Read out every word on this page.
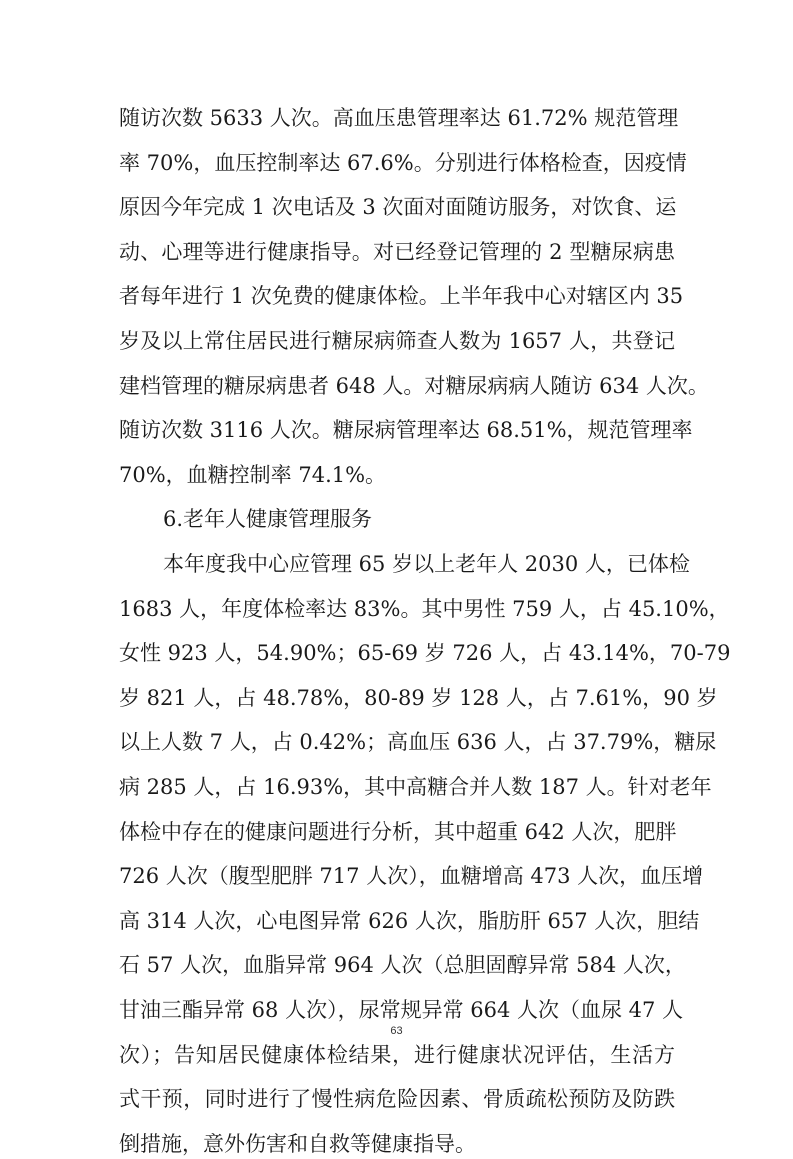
随访次数 5633 人次。高血压患管理率达 61.72% 规范管理
率 70%，血压控制率达 67.6%。分别进行体格检查，因疫情
原因今年完成 1 次电话及 3 次面对面随访服务，对饮食、运
动、心理等进行健康指导。对已经登记管理的 2 型糖尿病患
者每年进行 1 次免费的健康体检。上半年我中心对辖区内 35
岁及以上常住居民进行糖尿病筛查人数为 1657 人，共登记
建档管理的糖尿病患者 648 人。对糖尿病病人随访 634 人次。
随访次数 3116 人次。糖尿病管理率达 68.51%，规范管理率
70%，血糖控制率 74.1%。
6.老年人健康管理服务
本年度我中心应管理 65 岁以上老年人 2030 人，已体检
1683 人，年度体检率达 83%。其中男性 759 人，占 45.10%，
女性 923 人，54.90%；65-69 岁 726 人，占 43.14%，70-79
岁 821 人，占 48.78%，80-89 岁 128 人，占 7.61%，90 岁
以上人数 7 人，占 0.42%；高血压 636 人，占 37.79%，糖尿
病 285 人，占 16.93%，其中高糖合并人数 187 人。针对老年
体检中存在的健康问题进行分析，其中超重 642 人次，肥胖
726 人次（腹型肥胖 717 人次），血糖增高 473 人次，血压增
高 314 人次，心电图异常 626 人次，脂肪肝 657 人次，胆结
石 57 人次，血脂异常 964 人次（总胆固醇异常 584 人次，
甘油三酯异常 68 人次），尿常规异常 664 人次（血尿 47 人
次）；告知居民健康体检结果，进行健康状况评估，生活方
式干预，同时进行了慢性病危险因素、骨质疏松预防及防跌
倒措施，意外伤害和自救等健康指导。
63
